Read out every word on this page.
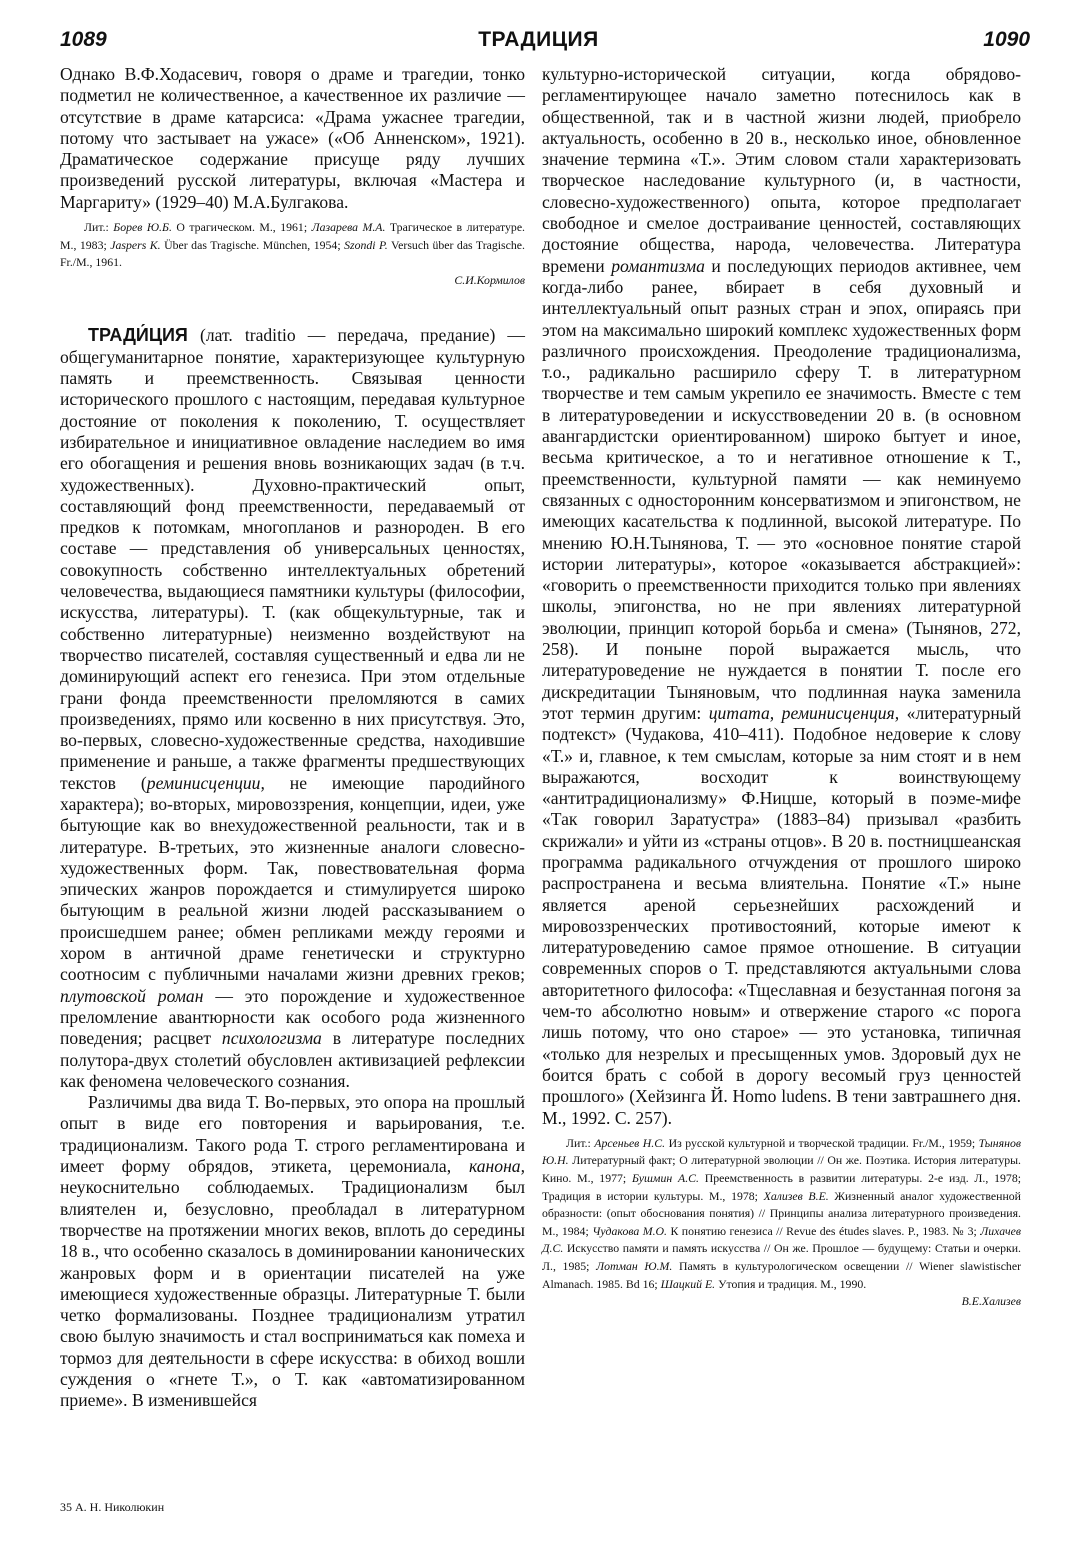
1089	ТРАДИЦИЯ	1090

Однако В.Ф.Ходасевич, говоря о драме и трагедии, тонко подметил не количественное, а качественное их различие — отсутствие в драме катарсиса: «Драма ужаснее трагедии, потому что застывает на ужасе» («Об Анненском», 1921). Драматическое содержание присуще ряду лучших произведений русской литературы, включая «Мастера и Маргариту» (1929–40) М.А.Булгакова.

Лит.: Борев Ю.Б. О трагическом. М., 1961; Лазарева М.А. Трагическое в литературе. М., 1983; Jaspers K. Über das Tragische. München, 1954; Szondi P. Versuch über das Tragische. Fr./M., 1961.
С.И.Кормилов

ТРАДИ́ЦИЯ (лат. traditio — передача, предание) — общегуманитарное понятие, характеризующее культурную память и преемственность. Связывая ценности исторического прошлого с настоящим, передавая культурное достояние от поколения к поколению, Т. осуществляет избирательное и инициативное овладение наследием во имя его обогащения и решения вновь возникающих задач (в т.ч. художественных). Духовно-практический опыт, составляющий фонд преемственности, передаваемый от предков к потомкам, многопланов и разнороден. В его составе — представления об универсальных ценностях, совокупность собственно интеллектуальных обретений человечества, выдающиеся памятники культуры (философии, искусства, литературы). Т. (как общекультурные, так и собственно литературные) неизменно воздействуют на творчество писателей, составляя существенный и едва ли не доминирующий аспект его генезиса. При этом отдельные грани фонда преемственности преломляются в самих произведениях, прямо или косвенно в них присутствуя. Это, во-первых, словесно-художественные средства, находившие применение и раньше, а также фрагменты предшествующих текстов (реминисценции, не имеющие пародийного характера); во-вторых, мировоззрения, концепции, идеи, уже бытующие как во внехудожественной реальности, так и в литературе. В-третьих, это жизненные аналоги словесно-художественных форм. Так, повествовательная форма эпических жанров порождается и стимулируется широко бытующим в реальной жизни людей рассказыванием о происшедшем ранее; обмен репликами между героями и хором в античной драме генетически и структурно соотносим с публичными началами жизни древних греков; плутовской роман — это порождение и художественное преломление авантюрности как особого рода жизненного поведения; расцвет психологизма в литературе последних полутора-двух столетий обусловлен активизацией рефлексии как феномена человеческого сознания.

Различимы два вида Т. Во-первых, это опора на прошлый опыт в виде его повторения и варьирования, т.е. традиционализм. Такого рода Т. строго регламентирована и имеет форму обрядов, этикета, церемониала, канона, неукоснительно соблюдаемых. Традиционализм был влиятелен и, безусловно, преобладал в литературном творчестве на протяжении многих веков, вплоть до середины 18 в., что особенно сказалось в доминировании канонических жанровых форм и в ориентации писателей на уже имеющиеся художественные образцы. Литературные Т. были четко формализованы. Позднее традиционализм утратил свою былую значимость и стал восприниматься как помеха и тормоз для деятельности в сфере искусства: в обиход вошли суждения о «гнете Т.», о Т. как «автоматизированном приеме». В изменившейся

культурно-исторической ситуации, когда обрядово-регламентирующее начало заметно потеснилось как в общественной, так и в частной жизни людей, приобрело актуальность, особенно в 20 в., несколько иное, обновленное значение термина «Т.». Этим словом стали характеризовать творческое наследование культурного (и, в частности, словесно-художественного) опыта, которое предполагает свободное и смелое достраивание ценностей, составляющих достояние общества, народа, человечества. Литература времени романтизма и последующих периодов активнее, чем когда-либо ранее, вбирает в себя духовный и интеллектуальный опыт разных стран и эпох, опираясь при этом на максимально широкий комплекс художественных форм различного происхождения. Преодоление традиционализма, т.о., радикально расширило сферу Т. в литературном творчестве и тем самым укрепило ее значимость. Вместе с тем в литературоведении и искусствоведении 20 в. (в основном авангардистски ориентированном) широко бытует и иное, весьма критическое, а то и негативное отношение к Т., преемственности, культурной памяти — как неминуемо связанных с односторонним консерватизмом и эпигонством, не имеющих касательства к подлинной, высокой литературе. По мнению Ю.Н.Тынянова, Т. — это «основное понятие старой истории литературы», которое «оказывается абстракцией»: «говорить о преемственности приходится только при явлениях школы, эпигонства, но не при явлениях литературной эволюции, принцип которой борьба и смена» (Тынянов, 272, 258). И поныне порой выражается мысль, что литературоведение не нуждается в понятии Т. после его дискредитации Тыняновым, что подлинная наука заменила этот термин другим: цитата, реминисценция, «литературный подтекст» (Чудакова, 410–411). Подобное недоверие к слову «Т.» и, главное, к тем смыслам, которые за ним стоят и в нем выражаются, восходит к воинствующему «антитрадиционализму» Ф.Ницше, который в поэме-мифе «Так говорил Заратустра» (1883–84) призывал «разбить скрижали» и уйти из «страны отцов». В 20 в. постницшеанская программа радикального отчуждения от прошлого широко распространена и весьма влиятельна. Понятие «Т.» ныне является ареной серьезнейших расхождений и мировоззренческих противостояний, которые имеют к литературоведению самое прямое отношение. В ситуации современных споров о Т. представляются актуальными слова авторитетного философа: «Тщеславная и безустанная погоня за чем-то абсолютно новым» и отвержение старого «с порога лишь потому, что оно старое» — это установка, типичная «только для незрелых и пресыщенных умов. Здоровый дух не боится брать с собой в дорогу весомый груз ценностей прошлого» (Хейзинга Й. Homo ludens. В тени завтрашнего дня. М., 1992. С. 257).

Лит.: Арсеньев Н.С. Из русской культурной и творческой традиции. Fr./M., 1959; Тынянов Ю.Н. Литературный факт; О литературной эволюции // Он же. Поэтика. История литературы. Кино. М., 1977; Бушмин А.С. Преемственность в развитии литературы. 2-е изд. Л., 1978; Традиция в истории культуры. М., 1978; Хализев В.Е. Жизненный аналог художественной образности: (опыт обоснования понятия) // Принципы анализа литературного произведения. М., 1984; Чудакова М.О. К понятию генезиса // Revue des études slaves. P., 1983. № 3; Лихачев Д.С. Искусство памяти и память искусства // Он же. Прошлое — будущему: Статьи и очерки. Л., 1985; Лотман Ю.М. Память в культурологическом освещении // Wiener slawistischer Almanach. 1985. Bd 16; Шацкий Е. Утопия и традиция. М., 1990.
В.Е.Хализев

35 А. Н. Николюкин
